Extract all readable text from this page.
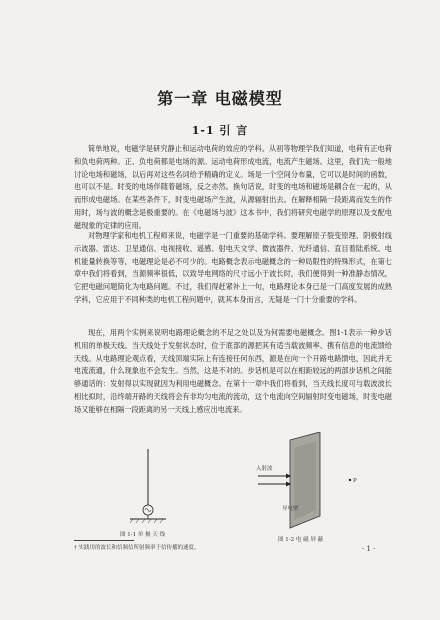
第一章 电磁模型
1-1 引 言

简单地说，电磁学是研究静止和运动电荷的效应的学科。从初等物理学我们知道，电荷有正电荷和负电荷两种。正、负电荷都是电场的源。运动电荷形成电流，电流产生磁场。这里，我们先一般地讨论电场和磁场，以后再对这些名词给予精确的定义。场是一个空间分布量，它可以是时间的函数，也可以不是。时变的电场伴随着磁场，反之亦然。换句话说，时变的电场和磁场是耦合在一起的，从而形成电磁场。在某些条件下，时变电磁场产生波，从源辐射出去。在解释相隔一段距离而发生的作用时，场与波的概念是极重要的。在《电磁场与波》这本书中，我们将研究电磁学的原理以及支配电磁现象的定律的应用。

对物理学家和电机工程师来说，电磁学是一门重要的基础学科。要理解原子裂变原理、阴极射线示波器、雷达、卫星通信、电视接收、遥感、射电天文学、微波器件、光纤通信、直目着陆系统、电机能量转换等等，电磁理论是必不可少的。电路概念表示电磁概念的一种局限性的特殊形式，在第七章中我们将看到，当源频率很低，以致导电网络的尺寸远小于波长时，我们便得到一种准静态情况，它把电磁问题简化为电路问题。不过，我们得赶紧补上一句，电路理论本身已是一门高度发展的成熟学科，它应用于不同种类的电机工程问题中，就其本身而言，无疑是一门十分重要的学科。

现在，用两个实例来说明电路理论概念的不足之处以及为何需要电磁概念。图1-1表示一种步话机用的单极天线。当天线处于发射状态时，位于底部的源把其有适当载波频率、携有信息的电流馈给天线。从电路理论观点看，天线顶端实际上有连接任何东西，源是在向一个开路电路馈电，因此并无电流流通，什么现象也不会发生。当然，这是不对的。步话机是可以在相距较远的两部步话机之间能够通话的：发射得以实现就因为利用电磁概念。在第十一章中我们将看到，当天线长度可与载波波长相比拟时，沿终端开路的天线将会有非均匀电流的流动，这个电流向空间辐射时变电磁场，时变电磁场又能够在相隔一段距离的另一天线上感应出电流来。

图 1-1 单 极 天 线
入射波
导电壁
P
图 1-2 电 磁 屏 蔽
† 实践用的波长和信频信所射频率于信传播的速度。	· 1 ·
